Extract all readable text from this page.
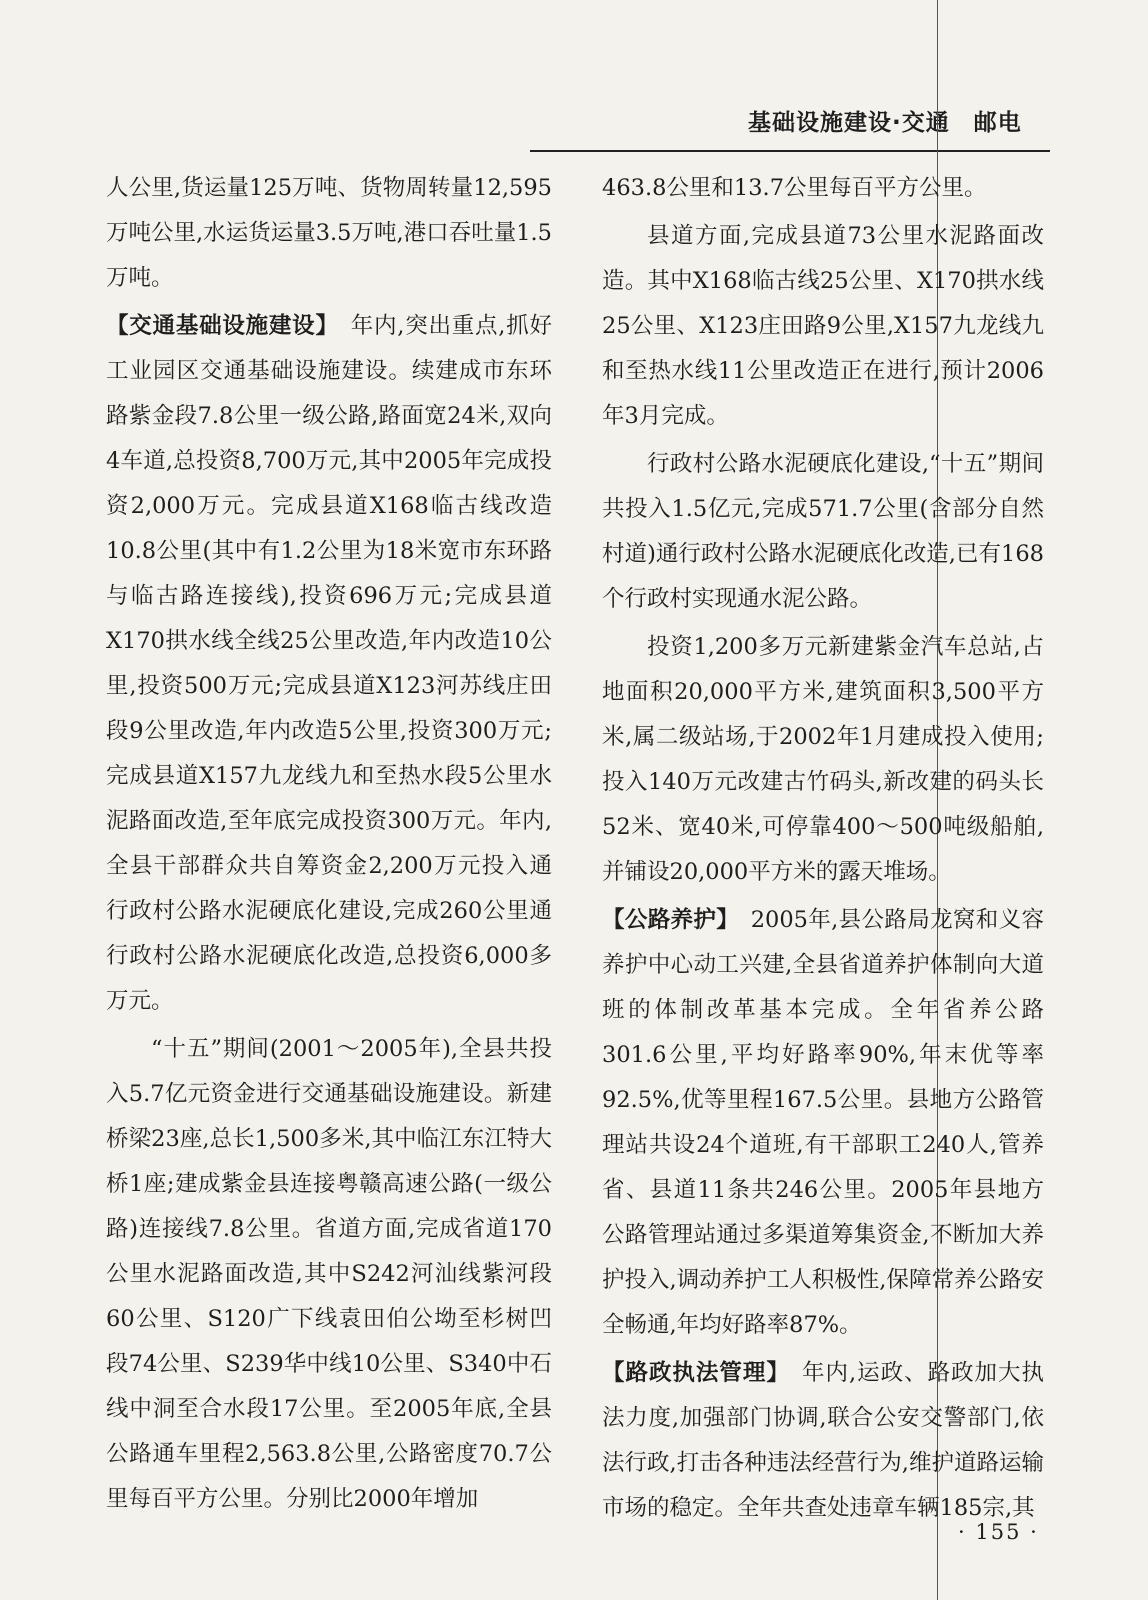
基础设施建设·交通　邮电

人公里,货运量125万吨、货物周转量12,595万吨公里,水运货运量3.5万吨,港口吞吐量1.5万吨。

【交通基础设施建设】　年内,突出重点,抓好工业园区交通基础设施建设。续建成市东环路紫金段7.8公里一级公路,路面宽24米,双向4车道,总投资8,700万元,其中2005年完成投资2,000万元。完成县道X168临古线改造10.8公里(其中有1.2公里为18米宽市东环路与临古路连接线),投资696万元;完成县道X170拱水线全线25公里改造,年内改造10公里,投资500万元;完成县道X123河苏线庄田段9公里改造,年内改造5公里,投资300万元;完成县道X157九龙线九和至热水段5公里水泥路面改造,至年底完成投资300万元。年内,全县干部群众共自筹资金2,200万元投入通行政村公路水泥硬底化建设,完成260公里通行政村公路水泥硬底化改造,总投资6,000多万元。

“十五”期间(2001～2005年),全县共投入5.7亿元资金进行交通基础设施建设。新建桥梁23座,总长1,500多米,其中临江东江特大桥1座;建成紫金县连接粤赣高速公路(一级公路)连接线7.8公里。省道方面,完成省道170公里水泥路面改造,其中S242河汕线紫河段60公里、S120广下线袁田伯公坳至杉树凹段74公里、S239华中线10公里、S340中石线中洞至合水段17公里。至2005年底,全县公路通车里程2,563.8公里,公路密度70.7公里每百平方公里。分别比2000年增加

463.8公里和13.7公里每百平方公里。

县道方面,完成县道73公里水泥路面改造。其中X168临古线25公里、X170拱水线25公里、X123庄田路9公里,X157九龙线九和至热水线11公里改造正在进行,预计2006年3月完成。

行政村公路水泥硬底化建设,“十五”期间共投入1.5亿元,完成571.7公里(含部分自然村道)通行政村公路水泥硬底化改造,已有168个行政村实现通水泥公路。

投资1,200多万元新建紫金汽车总站,占地面积20,000平方米,建筑面积3,500平方米,属二级站场,于2002年1月建成投入使用;投入140万元改建古竹码头,新改建的码头长52米、宽40米,可停靠400～500吨级船舶,并铺设20,000平方米的露天堆场。

【公路养护】　2005年,县公路局龙窝和义容养护中心动工兴建,全县省道养护体制向大道班的体制改革基本完成。全年省养公路301.6公里,平均好路率90%,年末优等率92.5%,优等里程167.5公里。县地方公路管理站共设24个道班,有干部职工240人,管养省、县道11条共246公里。2005年县地方公路管理站通过多渠道筹集资金,不断加大养护投入,调动养护工人积极性,保障常养公路安全畅通,年均好路率87%。

【路政执法管理】　年内,运政、路政加大执法力度,加强部门协调,联合公安交警部门,依法行政,打击各种违法经营行为,维护道路运输市场的稳定。全年共查处违章车辆185宗,其

· 155 ·
